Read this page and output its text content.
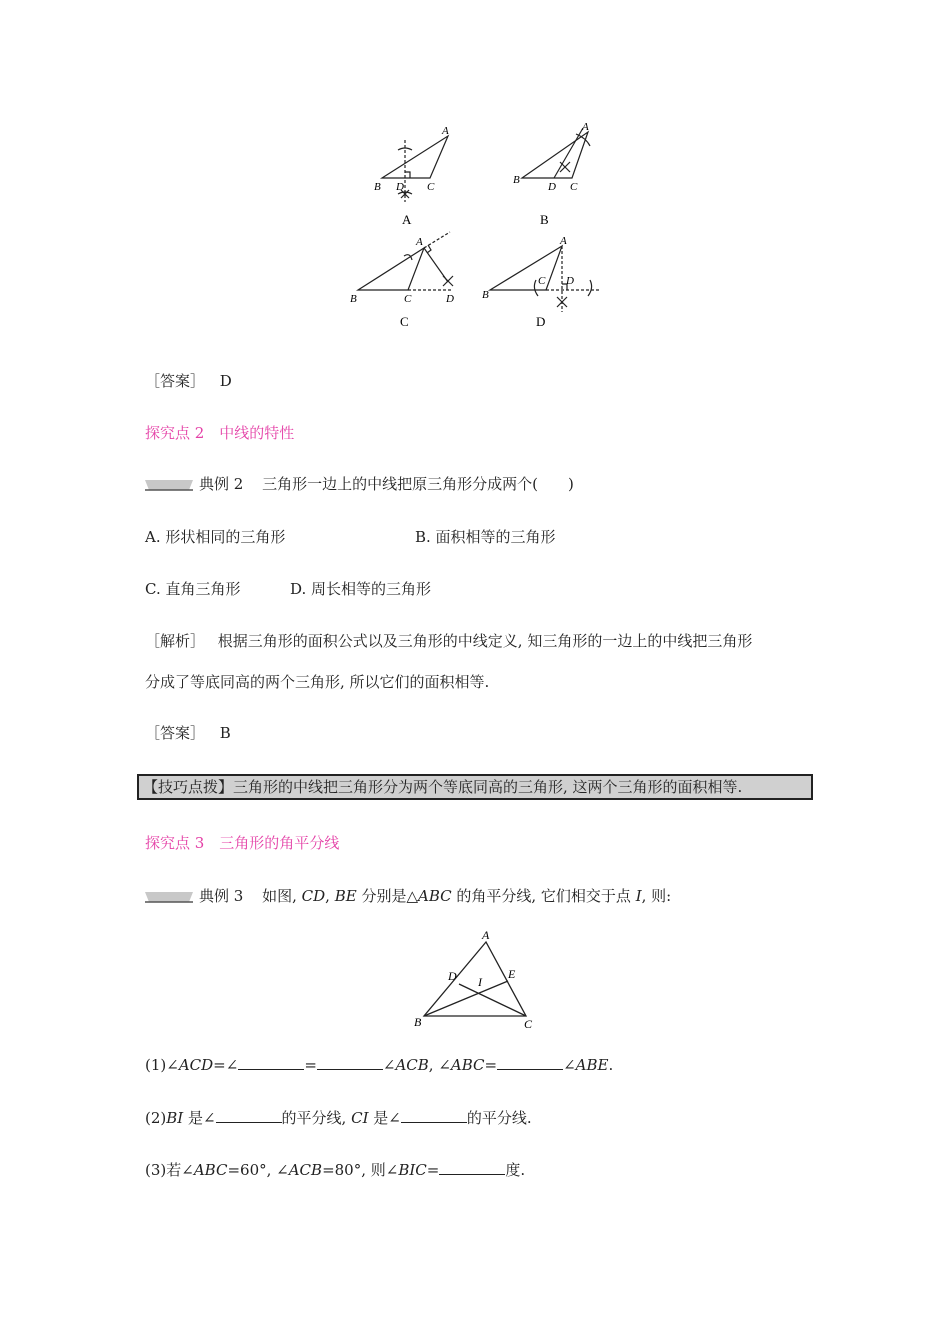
B D C
A
A
B
D C
A
B
B	C	D
A
C
B
C D
A
D
［答案］ D
探究点 2　中线的特性
典例 2 三角形一边上的中线把原三角形分成两个(　　)
A. 形状相同的三角形	B. 面积相等的三角形
C. 直角三角形	D. 周长相等的三角形
［解析］ 根据三角形的面积公式以及三角形的中线定义, 知三角形的一边上的中线把三角形
分成了等底同高的两个三角形, 所以它们的面积相等.
［答案］ B
【技巧点拨】三角形的中线把三角形分为两个等底同高的三角形, 这两个三角形的面积相等.
探究点 3　三角形的角平分线
典例 3 如图, CD, BE 分别是△ABC 的角平分线, 它们相交于点 I, 则:
A
B	C
D	E
I
(1)∠ACD=∠	=	∠ACB, ∠ABC=	∠ABE.
(2)BI 是∠	的平分线, CI 是∠	的平分线.
(3)若∠ABC=60°, ∠ACB=80°, 则∠BIC=	度.
